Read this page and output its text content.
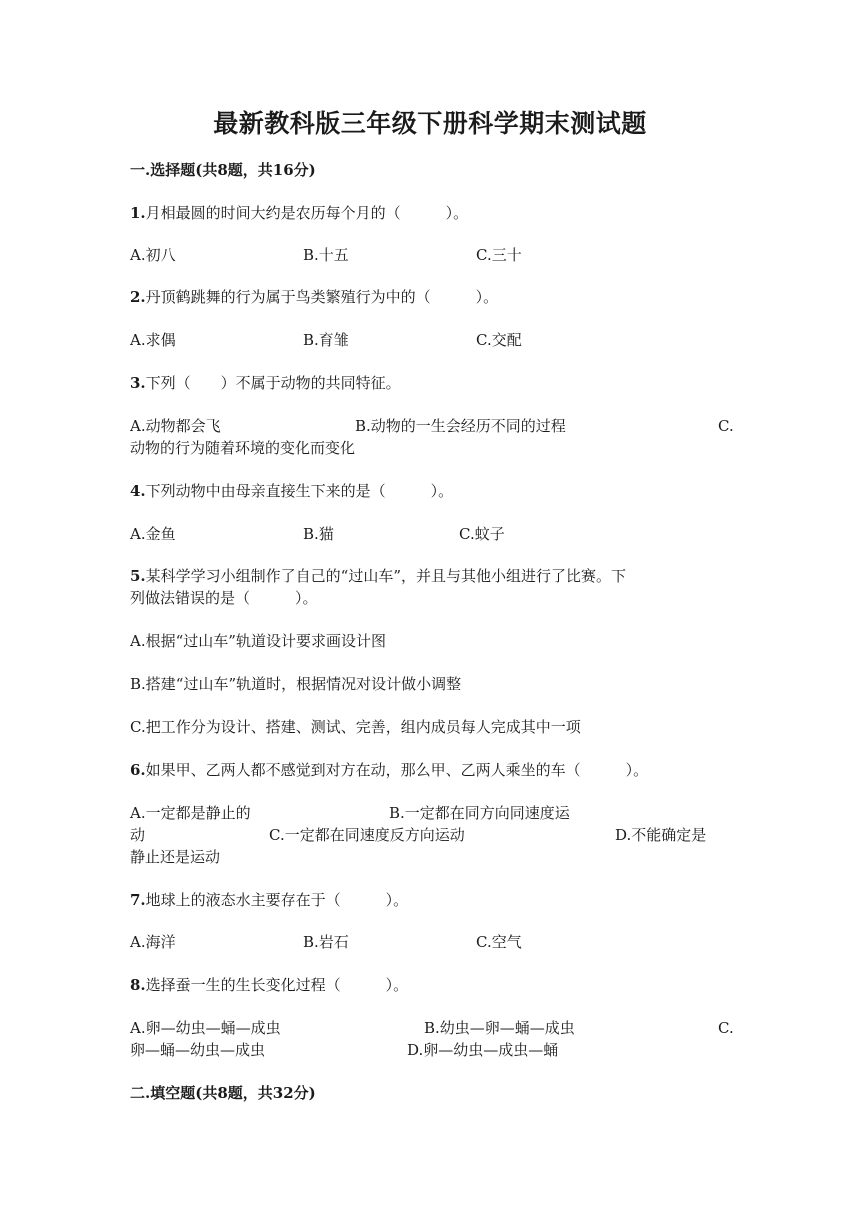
最新教科版三年级下册科学期末测试题
一.选择题(共8题，共16分)
1.月相最圆的时间大约是农历每个月的（　　　）。
A.初八	B.十五	C.三十
2.丹顶鹤跳舞的行为属于鸟类繁殖行为中的（　　　）。
A.求偶	B.育雏	C.交配
3.下列（　　）不属于动物的共同特征。
A.动物都会飞	B.动物的一生会经历不同的过程	C.
动物的行为随着环境的变化而变化
4.下列动物中由母亲直接生下来的是（　　　）。
A.金鱼	B.猫	C.蚊子
5.某科学学习小组制作了自己的“过山车”，并且与其他小组进行了比赛。下
列做法错误的是（　　　）。
A.根据“过山车”轨道设计要求画设计图
B.搭建“过山车”轨道时，根据情况对设计做小调整
C.把工作分为设计、搭建、测试、完善，组内成员每人完成其中一项
6.如果甲、乙两人都不感觉到对方在动，那么甲、乙两人乘坐的车（　　　）。
A.一定都是静止的	B.一定都在同方向同速度运
动	C.一定都在同速度反方向运动	D.不能确定是
静止还是运动
7.地球上的液态水主要存在于（　　　）。
A.海洋	B.岩石	C.空气
8.选择蚕一生的生长变化过程（　　　）。
A.卵—幼虫—蛹—成虫	B.幼虫—卵—蛹—成虫	C.
卵—蛹—幼虫—成虫	D.卵—幼虫—成虫—蛹
二.填空题(共8题，共32分)
